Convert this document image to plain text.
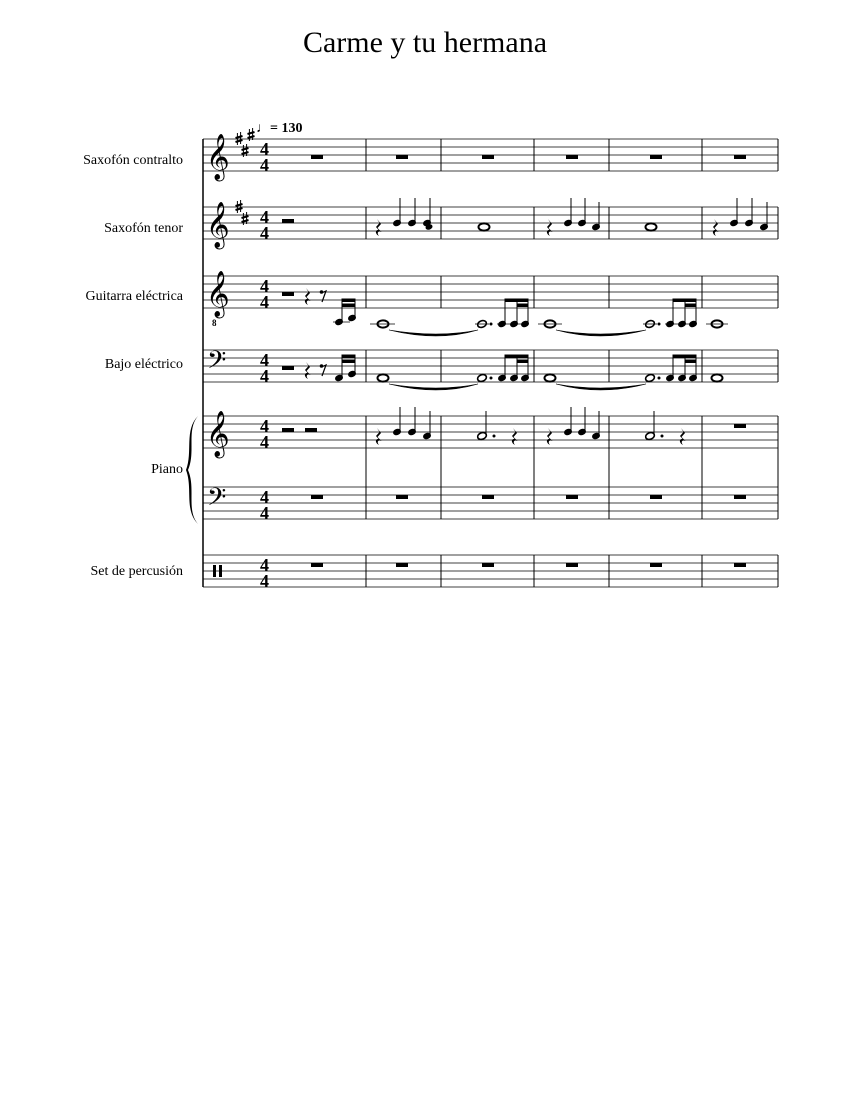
Carme y tu hermana
♩= 130
Saxofón contralto
Saxofón tenor
Guitarra eléctrica
Bajo eléctrico
Piano
Set de percusión
𝄞 4
4
𝄞 4
4
𝄞
8
4
4
𝄢 4
4
𝄞 4
4
𝄢 4
4
4
4
